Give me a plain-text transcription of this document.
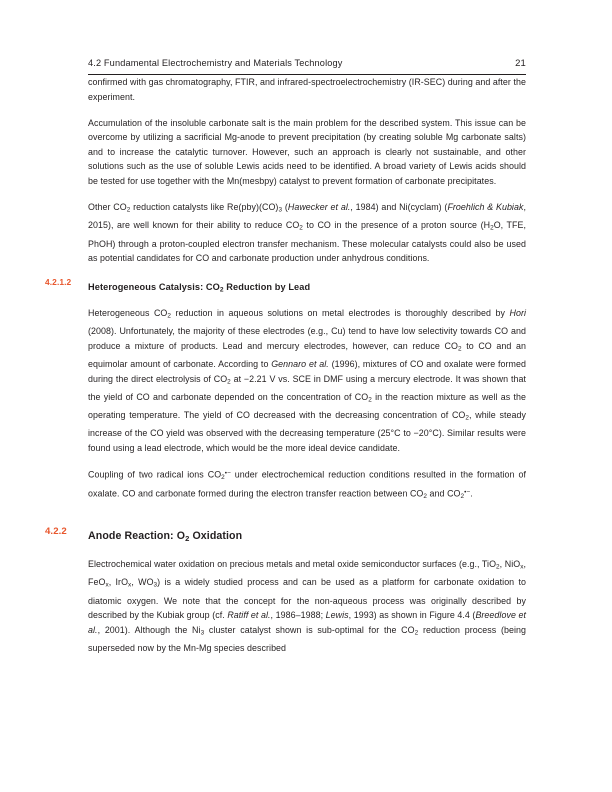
4.2 Fundamental Electrochemistry and Materials Technology	21

confirmed with gas chromatography, FTIR, and infrared-spectroelectrochemistry (IR-SEC) during and after the experiment.

Accumulation of the insoluble carbonate salt is the main problem for the described system. This issue can be overcome by utilizing a sacrificial Mg-anode to prevent precipitation (by creating soluble Mg carbonate salts) and to increase the catalytic turnover. However, such an approach is clearly not sustainable, and other solutions such as the use of soluble Lewis acids need to be identified. A broad variety of Lewis acids should be tested for use together with the Mn(mesbpy) catalyst to prevent formation of carbonate precipitates.

Other $CO_2$ reduction catalysts like $Re(pby)(CO)_3$ (Hawecker et al., 1984) and Ni(cyclam) (Froehlich & Kubiak, 2015), are well known for their ability to reduce $CO_2$ to CO in the presence of a proton source ($H_2O$, TFE, PhOH) through a proton-coupled electron transfer mechanism. These molecular catalysts could also be used as potential candidates for CO and carbonate production under anhydrous conditions.

4.2.1.2 Heterogeneous Catalysis: $CO_2$ Reduction by Lead

Heterogeneous $CO_2$ reduction in aqueous solutions on metal electrodes is thoroughly described by Hori (2008). Unfortunately, the majority of these electrodes (e.g., Cu) tend to have low selectivity towards CO and produce a mixture of products. Lead and mercury electrodes, however, can reduce $CO_2$ to CO and an equimolar amount of carbonate. According to Gennaro et al. (1996), mixtures of CO and oxalate were formed during the direct electrolysis of $CO_2$ at −2.21 V vs. SCE in DMF using a mercury electrode. It was shown that the yield of CO and carbonate depended on the concentration of $CO_2$ in the reaction mixture as well as the operating temperature. The yield of CO decreased with the decreasing concentration of $CO_2$, while steady increase of the CO yield was observed with the decreasing temperature (25°C to −20°C). Similar results were found using a lead electrode, which would be the more ideal device candidate.

Coupling of two radical ions $CO_2^{•-}$ under electrochemical reduction conditions resulted in the formation of oxalate. CO and carbonate formed during the electron transfer reaction between $CO_2$ and $CO_2^{•-}$.

4.2.2 Anode Reaction: $O_2$ Oxidation

Electrochemical water oxidation on precious metals and metal oxide semiconductor surfaces (e.g., TiO$_2$, NiO$_x$, FeO$_x$, IrO$_x$, $WO_3$) is a widely studied process and can be used as a platform for carbonate oxidation to diatomic oxygen. We note that the concept for the non-aqueous process was originally described by described by the Kubiak group (cf. Ratiff et al., 1986–1988; Lewis, 1993) as shown in Figure 4.4 (Breedlove et al., 2001). Although the $Ni_3$ cluster catalyst shown is sub-optimal for the $CO_2$ reduction process (being superseded now by the Mn-Mg species described
